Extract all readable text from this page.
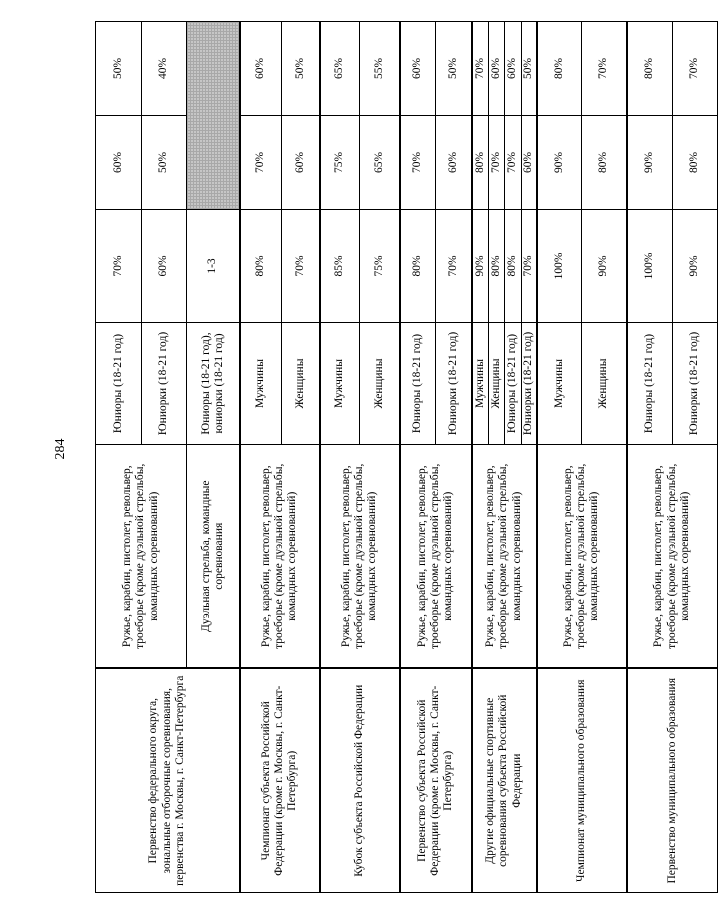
284
Первенство федерального округа, зональные отборочные соревнования, первенства г. Москвы, г. Санкт-Петербурга	Ружье, карабин, пистолет, револьвер, троеборье (кроме дуэльной стрельбы, командных соревнований)	Юниоры (18-21 год)	70%	60%	50%
		Юниорки (18-21 год)	60%	50%	40%
	Дуэльная стрельба, командные соревнования	Юниоры (18-21 год), юниорки (18-21 год)	1-3		
Чемпионат субъекта Российской Федерации (кроме г. Москвы, г. Санкт-Петербурга)	Ружье, карабин, пистолет, револьвер, троеборье (кроме дуэльной стрельбы, командных соревнований)	Мужчины	80%	70%	60%
		Женщины	70%	60%	50%
Кубок субъекта Российской Федерации	Ружье, карабин, пистолет, револьвер, троеборье (кроме дуэльной стрельбы, командных соревнований)	Мужчины	85%	75%	65%
		Женщины	75%	65%	55%
Первенство субъекта Российской Федерации (кроме г. Москвы, г. Санкт-Петербурга)	Ружье, карабин, пистолет, револьвер, троеборье (кроме дуэльной стрельбы, командных соревнований)	Юниоры (18-21 год)	80%	70%	60%
		Юниорки (18-21 год)	70%	60%	50%
Другие официальные спортивные соревнования субъекта Российской Федерации	Ружье, карабин, пистолет, револьвер, троеборье (кроме дуэльной стрельбы, командных соревнований)	Мужчины	90%	80%	70%
		Женщины	80%	70%	60%
		Юниоры (18-21 год)	80%	70%	60%
		Юниорки (18-21 год)	70%	60%	50%
Чемпионат муниципального образования	Ружье, карабин, пистолет, револьвер, троеборье (кроме дуэльной стрельбы, командных соревнований)	Мужчины	100%	90%	80%
		Женщины	90%	80%	70%
Первенство муниципального образования	Ружье, карабин, пистолет, револьвер, троеборье (кроме дуэльной стрельбы, командных соревнований)	Юниоры (18-21 год)	100%	90%	80%
		Юниорки (18-21 год)	90%	80%	70%
